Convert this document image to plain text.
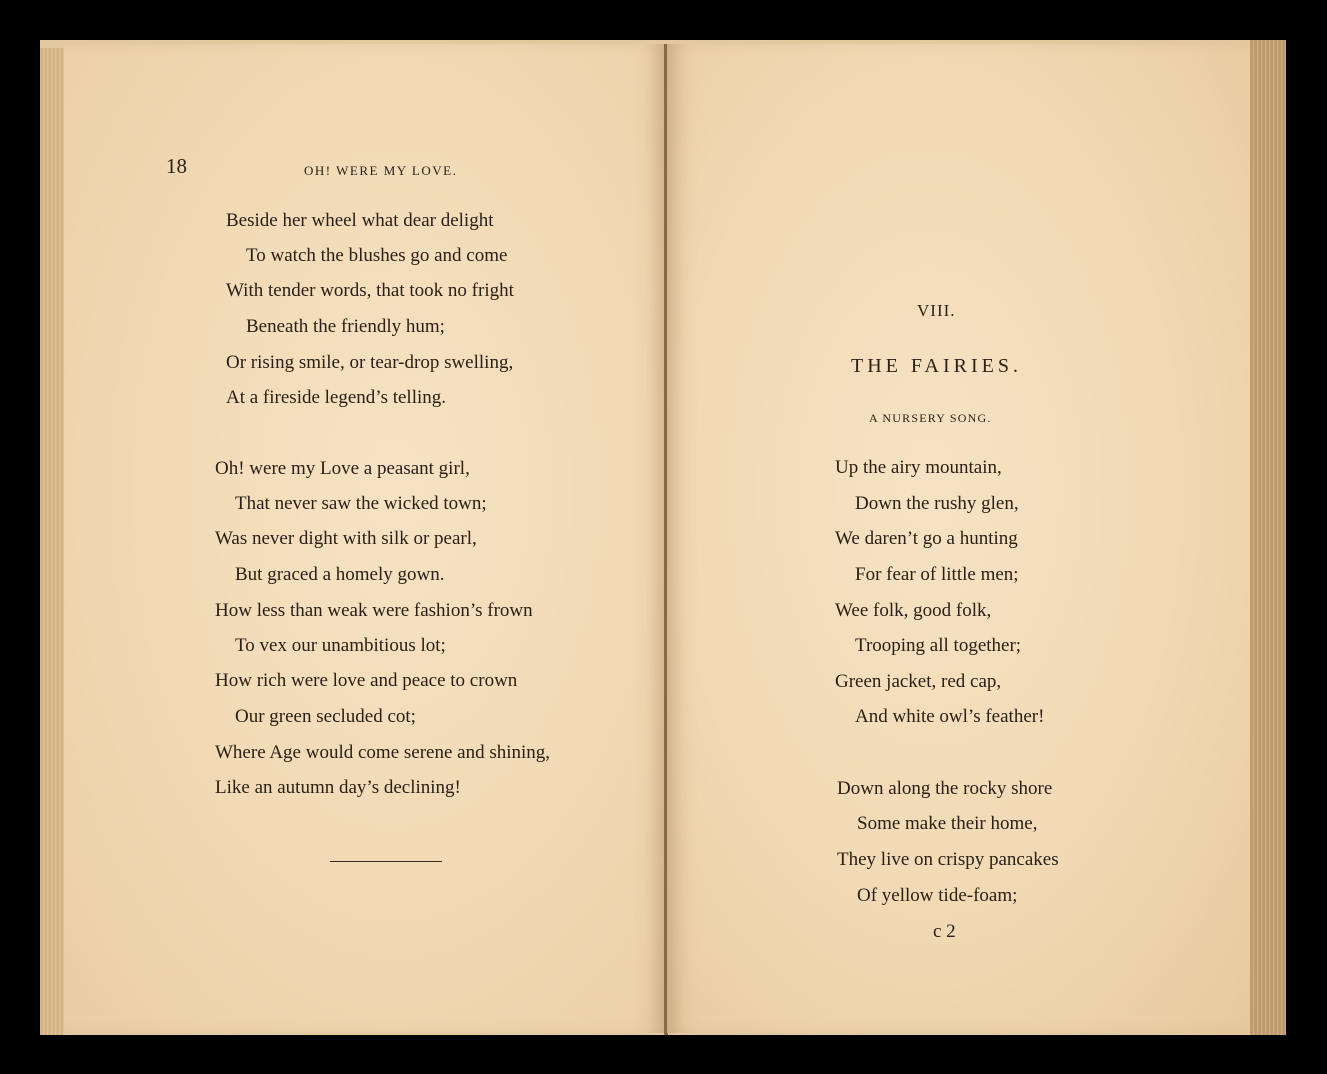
18	OH! WERE MY LOVE.
Beside her wheel what dear delight
To watch the blushes go and come
With tender words, that took no fright
Beneath the friendly hum;
Or rising smile, or tear-drop swelling,
At a fireside legend’s telling.
Oh! were my Love a peasant girl,
That never saw the wicked town;
Was never dight with silk or pearl,
But graced a homely gown.
How less than weak were fashion’s frown
To vex our unambitious lot;
How rich were love and peace to crown
Our green secluded cot;
Where Age would come serene and shining,
Like an autumn day’s declining!
VIII.
THE FAIRIES.
A NURSERY SONG.
Up the airy mountain,
Down the rushy glen,
We daren’t go a hunting
For fear of little men;
Wee folk, good folk,
Trooping all together;
Green jacket, red cap,
And white owl’s feather!
Down along the rocky shore
Some make their home,
They live on crispy pancakes
Of yellow tide-foam;
c 2
